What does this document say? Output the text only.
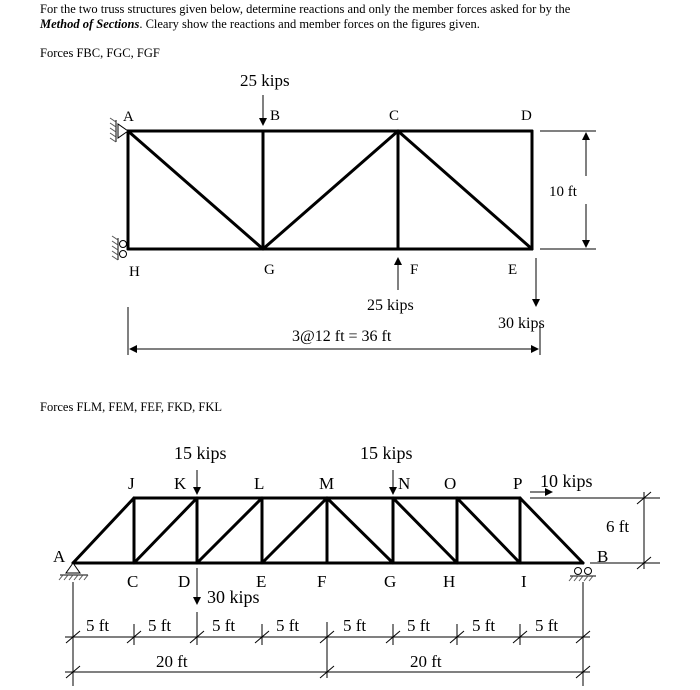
For the two truss structures given below, determine reactions and only the member forces asked for by the
Method of Sections. Cleary show the reactions and member forces on the figures given.
Forces FBC, FGC, FGF
Forces FLM, FEM, FEF, FKD, FKL
A	B	C	D
H	G	F	E
25 kips
25 kips
30 kips
10 ft
3@12 ft = 36 ft
A	B
C D	E	F	G	H	I
J K	L	M	N O	P
15 kips	15 kips
10 kips
30 kips
6 ft
5 ft 5 ft 5 ft 5 ft	5 ft 5 ft 5 ft 5 ft
20 ft	20 ft
